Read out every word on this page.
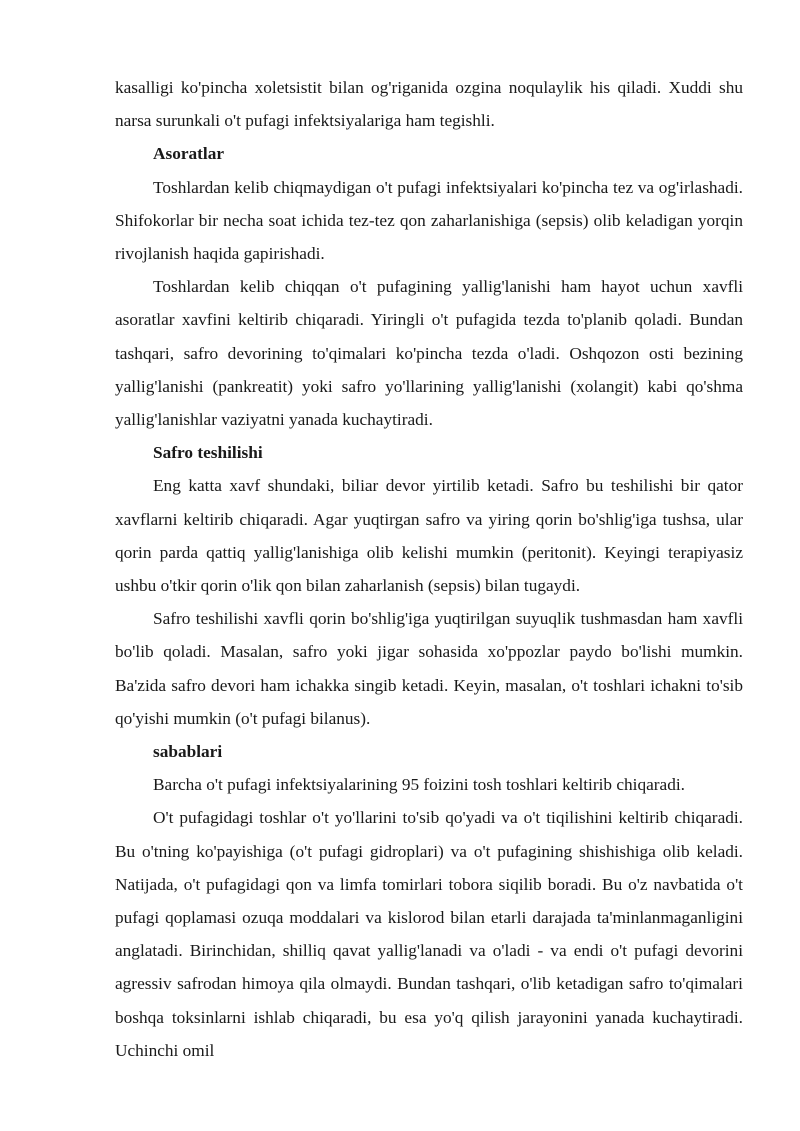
kasalligi ko'pincha xoletsistit bilan og'riganida ozgina noqulaylik his qiladi. Xuddi shu narsa surunkali o't pufagi infektsiyalariga ham tegishli.

Asoratlar

Toshlardan kelib chiqmaydigan o't pufagi infektsiyalari ko'pincha tez va og'irlashadi. Shifokorlar bir necha soat ichida tez-tez qon zaharlanishiga (sepsis) olib keladigan yorqin rivojlanish haqida gapirishadi.

Toshlardan kelib chiqqan o't pufagining yallig'lanishi ham hayot uchun xavfli asoratlar xavfini keltirib chiqaradi. Yiringli o't pufagida tezda to'planib qoladi. Bundan tashqari, safro devorining to'qimalari ko'pincha tezda o'ladi. Oshqozon osti bezining yallig'lanishi (pankreatit) yoki safro yo'llarining yallig'lanishi (xolangit) kabi qo'shma yallig'lanishlar vaziyatni yanada kuchaytiradi.

Safro teshilishi

Eng katta xavf shundaki, biliar devor yirtilib ketadi. Safro bu teshilishi bir qator xavflarni keltirib chiqaradi. Agar yuqtirgan safro va yiring qorin bo'shlig'iga tushsa, ular qorin parda qattiq yallig'lanishiga olib kelishi mumkin (peritonit). Keyingi terapiyasiz ushbu o'tkir qorin o'lik qon bilan zaharlanish (sepsis) bilan tugaydi.

Safro teshilishi xavfli qorin bo'shlig'iga yuqtirilgan suyuqlik tushmasdan ham xavfli bo'lib qoladi. Masalan, safro yoki jigar sohasida xo'ppozlar paydo bo'lishi mumkin. Ba'zida safro devori ham ichakka singib ketadi. Keyin, masalan, o't toshlari ichakni to'sib qo'yishi mumkin (o't pufagi bilanus).

sabablari

Barcha o't pufagi infektsiyalarining 95 foizini tosh toshlari keltirib chiqaradi.

O't pufagidagi toshlar o't yo'llarini to'sib qo'yadi va o't tiqilishini keltirib chiqaradi. Bu o'tning ko'payishiga (o't pufagi gidroplari) va o't pufagining shishishiga olib keladi. Natijada, o't pufagidagi qon va limfa tomirlari tobora siqilib boradi. Bu o'z navbatida o't pufagi qoplamasi ozuqa moddalari va kislorod bilan etarli darajada ta'minlanmaganligini anglatadi. Birinchidan, shilliq qavat yallig'lanadi va o'ladi - va endi o't pufagi devorini agressiv safrodan himoya qila olmaydi. Bundan tashqari, o'lib ketadigan safro to'qimalari boshqa toksinlarni ishlab chiqaradi, bu esa yo'q qilish jarayonini yanada kuchaytiradi. Uchinchi omil
